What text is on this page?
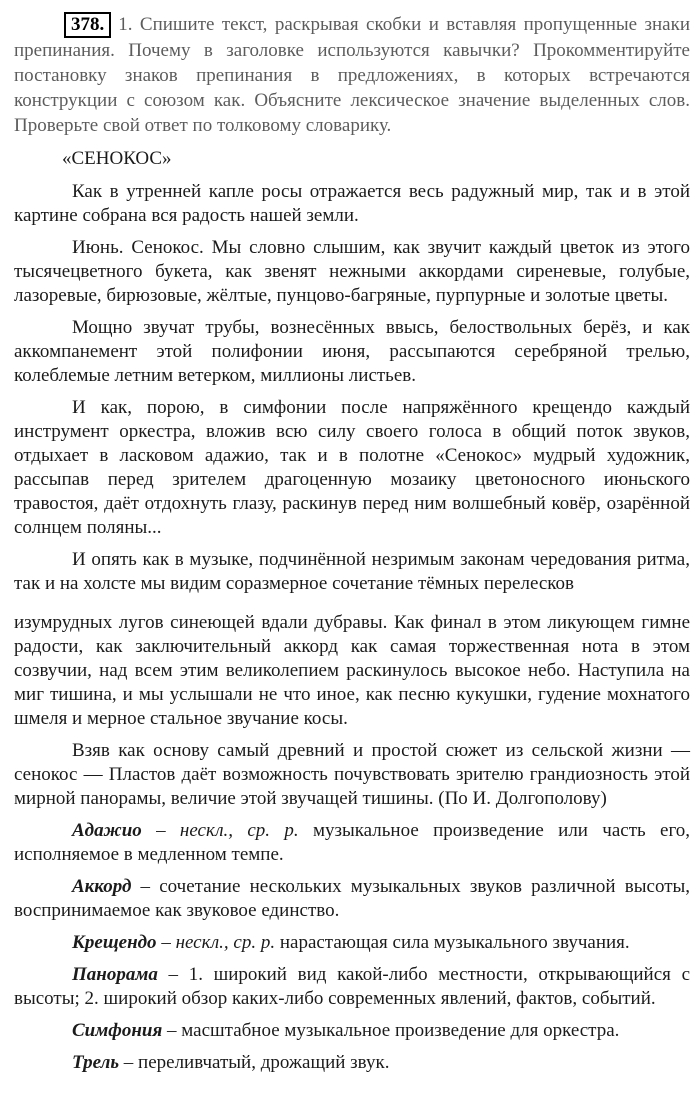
378. 1. Спишите текст, раскрывая скобки и вставляя пропущенные знаки препинания. Почему в заголовке используются кавычки? Прокомментируйте постановку знаков препинания в предложениях, в которых встречаются конструкции с союзом как. Объясните лексическое значение выделенных слов. Проверьте свой ответ по толковому словарику.

«СЕНОКОС»

Как в утренней капле росы отражается весь радужный мир, так и в этой картине собрана вся радость нашей земли.

Июнь. Сенокос. Мы словно слышим, как звучит каждый цветок из этого тысячецветного букета, как звенят нежными аккордами сиреневые, голубые, лазоревые, бирюзовые, жёлтые, пунцово-багряные, пурпурные и золотые цветы.

Мощно звучат трубы, вознесённых ввысь, белоствольных берёз, и как аккомпанемент этой полифонии июня, рассыпаются серебряной трелью, колеблемые летним ветерком, миллионы листьев.

И как, порою, в симфонии после напряжённого крещендо каждый инструмент оркестра, вложив всю силу своего голоса в общий поток звуков, отдыхает в ласковом адажио, так и в полотне «Сенокос» мудрый художник, рассыпав перед зрителем драгоценную мозаику цветоносного июньского травостоя, даёт отдохнуть глазу, раскинув перед ним волшебный ковёр, озарённой солнцем поляны...

И опять как в музыке, подчинённой незримым законам чередования ритма, так и на холсте мы видим соразмерное сочетание тёмных перелесков

изумрудных лугов синеющей вдали дубравы. Как финал в этом ликующем гимне радости, как заключительный аккорд как самая торжественная нота в этом созвучии, над всем этим великолепием раскинулось высокое небо. Наступила на миг тишина, и мы услышали не что иное, как песню кукушки, гудение мохнатого шмеля и мерное стальное звучание косы.

Взяв как основу самый древний и простой сюжет из сельской жизни — сенокос — Пластов даёт возможность почувствовать зрителю грандиозность этой мирной панорамы, величие этой звучащей тишины. (По И. Долгополову)

Адажио – нескл., ср. р. музыкальное произведение или часть его, исполняемое в медленном темпе.

Аккорд – сочетание нескольких музыкальных звуков различной высоты, воспринимаемое как звуковое единство.

Крещендо – нескл., ср. р. нарастающая сила музыкального звучания.

Панорама – 1. широкий вид какой-либо местности, открывающийся с высоты; 2. широкий обзор каких-либо современных явлений, фактов, событий.

Симфония – масштабное музыкальное произведение для оркестра.

Трель – переливчатый, дрожащий звук.
